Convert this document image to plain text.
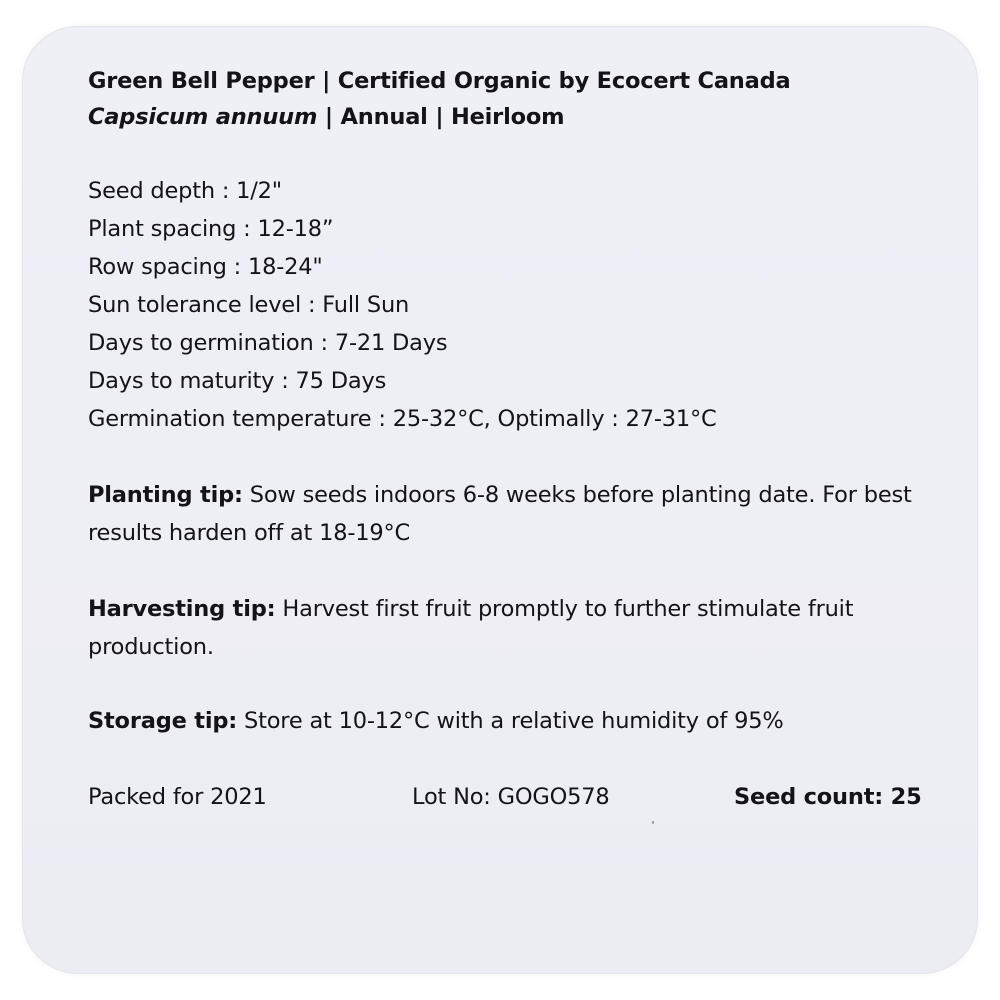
Green Bell Pepper | Certified Organic by Ecocert Canada
Capsicum annuum | Annual | Heirloom
Seed depth : 1/2"
Plant spacing : 12-18”
Row spacing : 18-24"
Sun tolerance level : Full Sun
Days to germination : 7-21 Days
Days to maturity : 75 Days
Germination temperature : 25-32°C, Optimally : 27-31°C
Planting tip: Sow seeds indoors 6-8 weeks before planting date. For best results harden off at 18-19°C
Harvesting tip: Harvest first fruit promptly to further stimulate fruit production.
Storage tip: Store at 10-12°C with a relative humidity of 95%
Packed for 2021	Lot No: GOGO578	Seed count: 25
